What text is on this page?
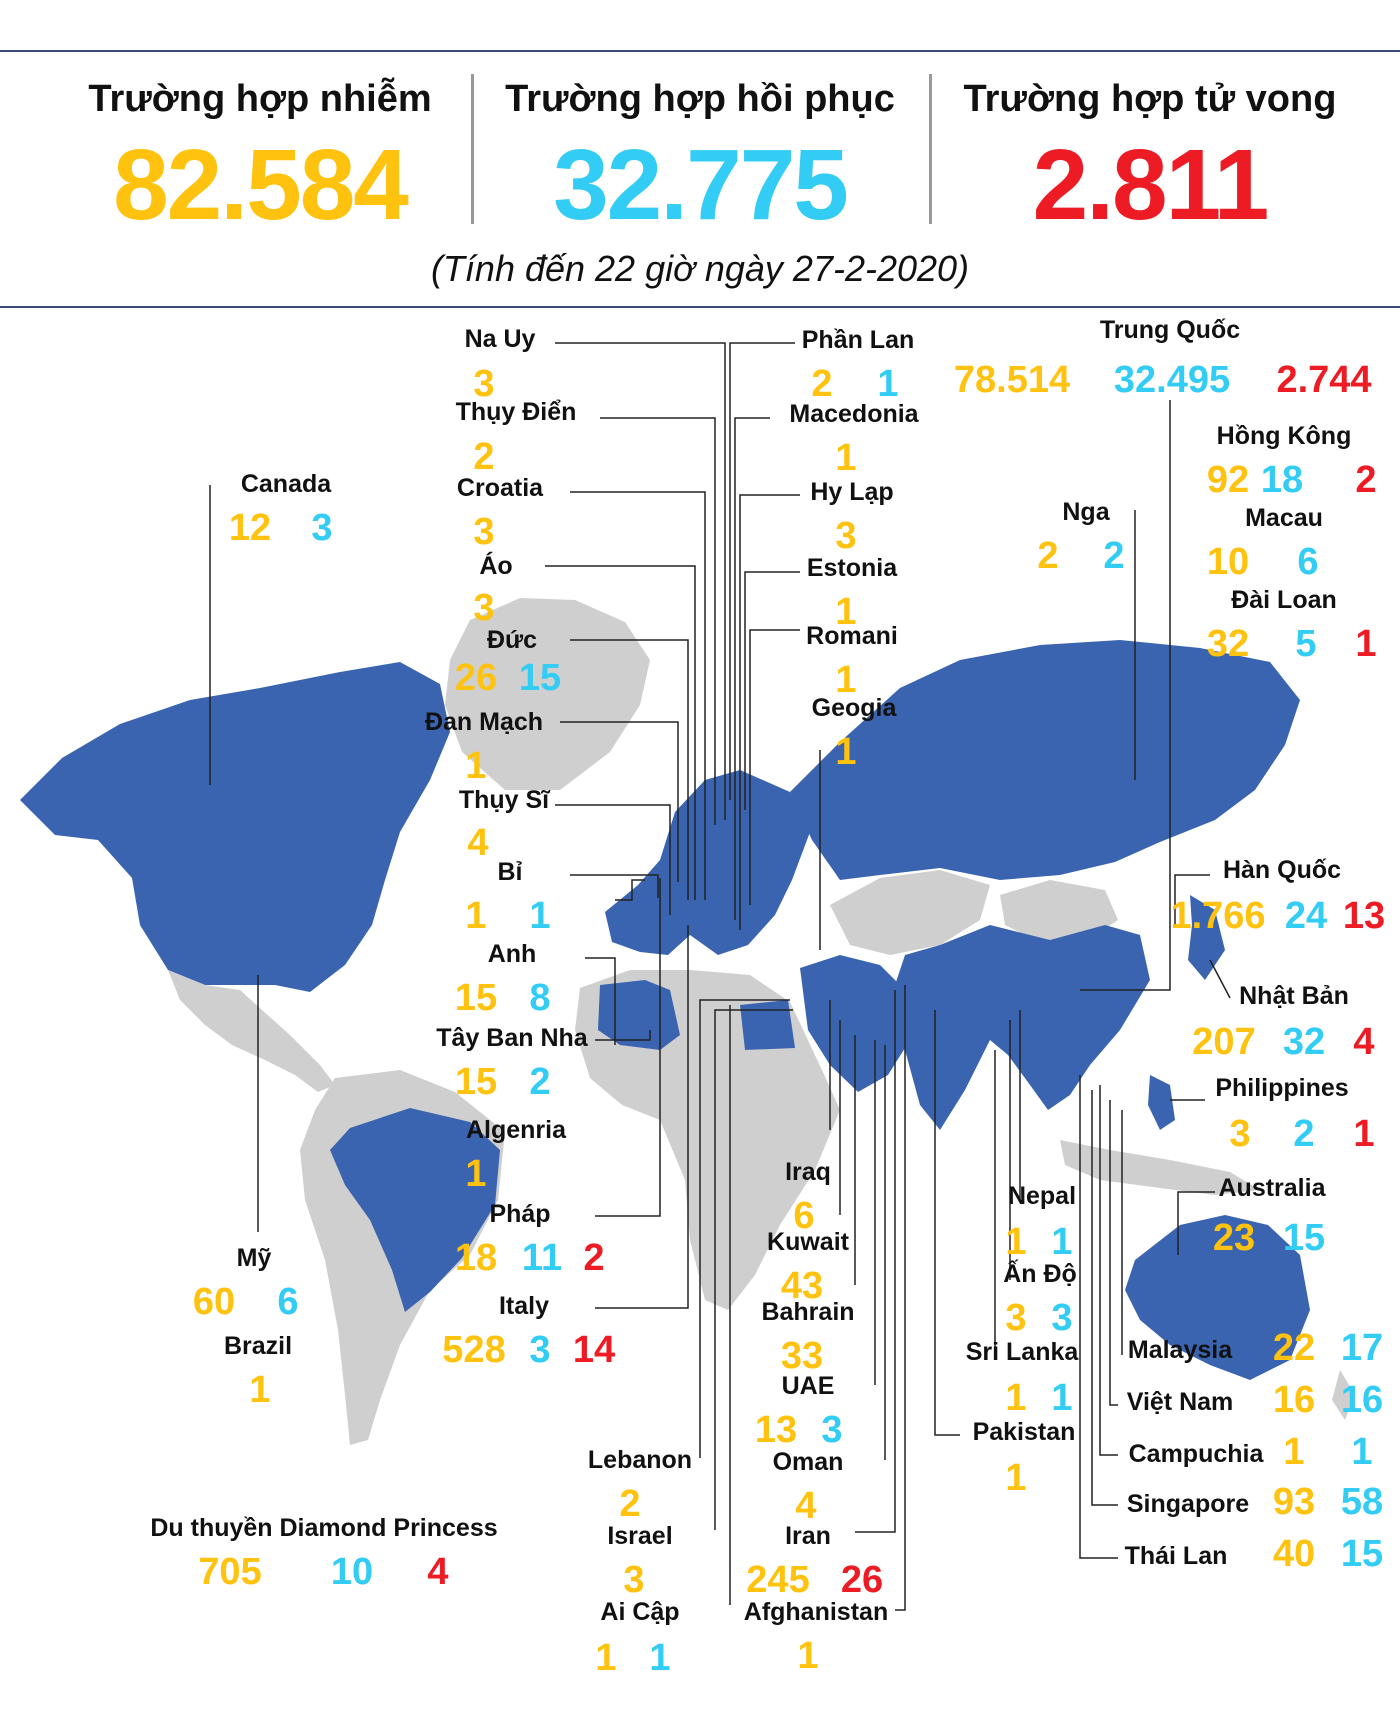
Trường hợp nhiễm
82.584
Trường hợp hồi phục
32.775
Trường hợp tử vong
2.811
(Tính đến 22 giờ ngày 27-2-2020)
Na Uy
3
Thụy Điển
2
Croatia
3
Áo
3
Đức
26 15
Đan Mạch
1
Thụy Sĩ
4
Bỉ
1 1
Anh
15 8
Tây Ban Nha
15 2
Algenria
1
Pháp
18 11 2
Italy
528 3 14
Canada
12 3
Mỹ
60 6
Brazil
1
Du thuyền Diamond Princess
705 10 4
Lebanon
2
Israel
3
Ai Cập
1 1
Phần Lan
2 1
Macedonia
1
Hy Lạp
3
Estonia
1
Romani
1
Geogia
1
Iraq
6
Kuwait
43
Bahrain
33
UAE
13 3
Oman
4
Iran
245 26
Afghanistan
1
Trung Quốc
78.514 32.495 2.744
Hồng Kông
92 18 2
Macau
10 6
Đài Loan
32 5 1
Nga
2 2
Hàn Quốc
1.766 24 13
Nhật Bản
207 32 4
Philippines
3 2 1
Australia
23 15
Nepal
1 1
Ấn Độ
3 3
Sri Lanka
1 1
Pakistan
1
Malaysia 22 17
Việt Nam 16 16
Campuchia 1 1
Singapore 93 58
Thái Lan 40 15
